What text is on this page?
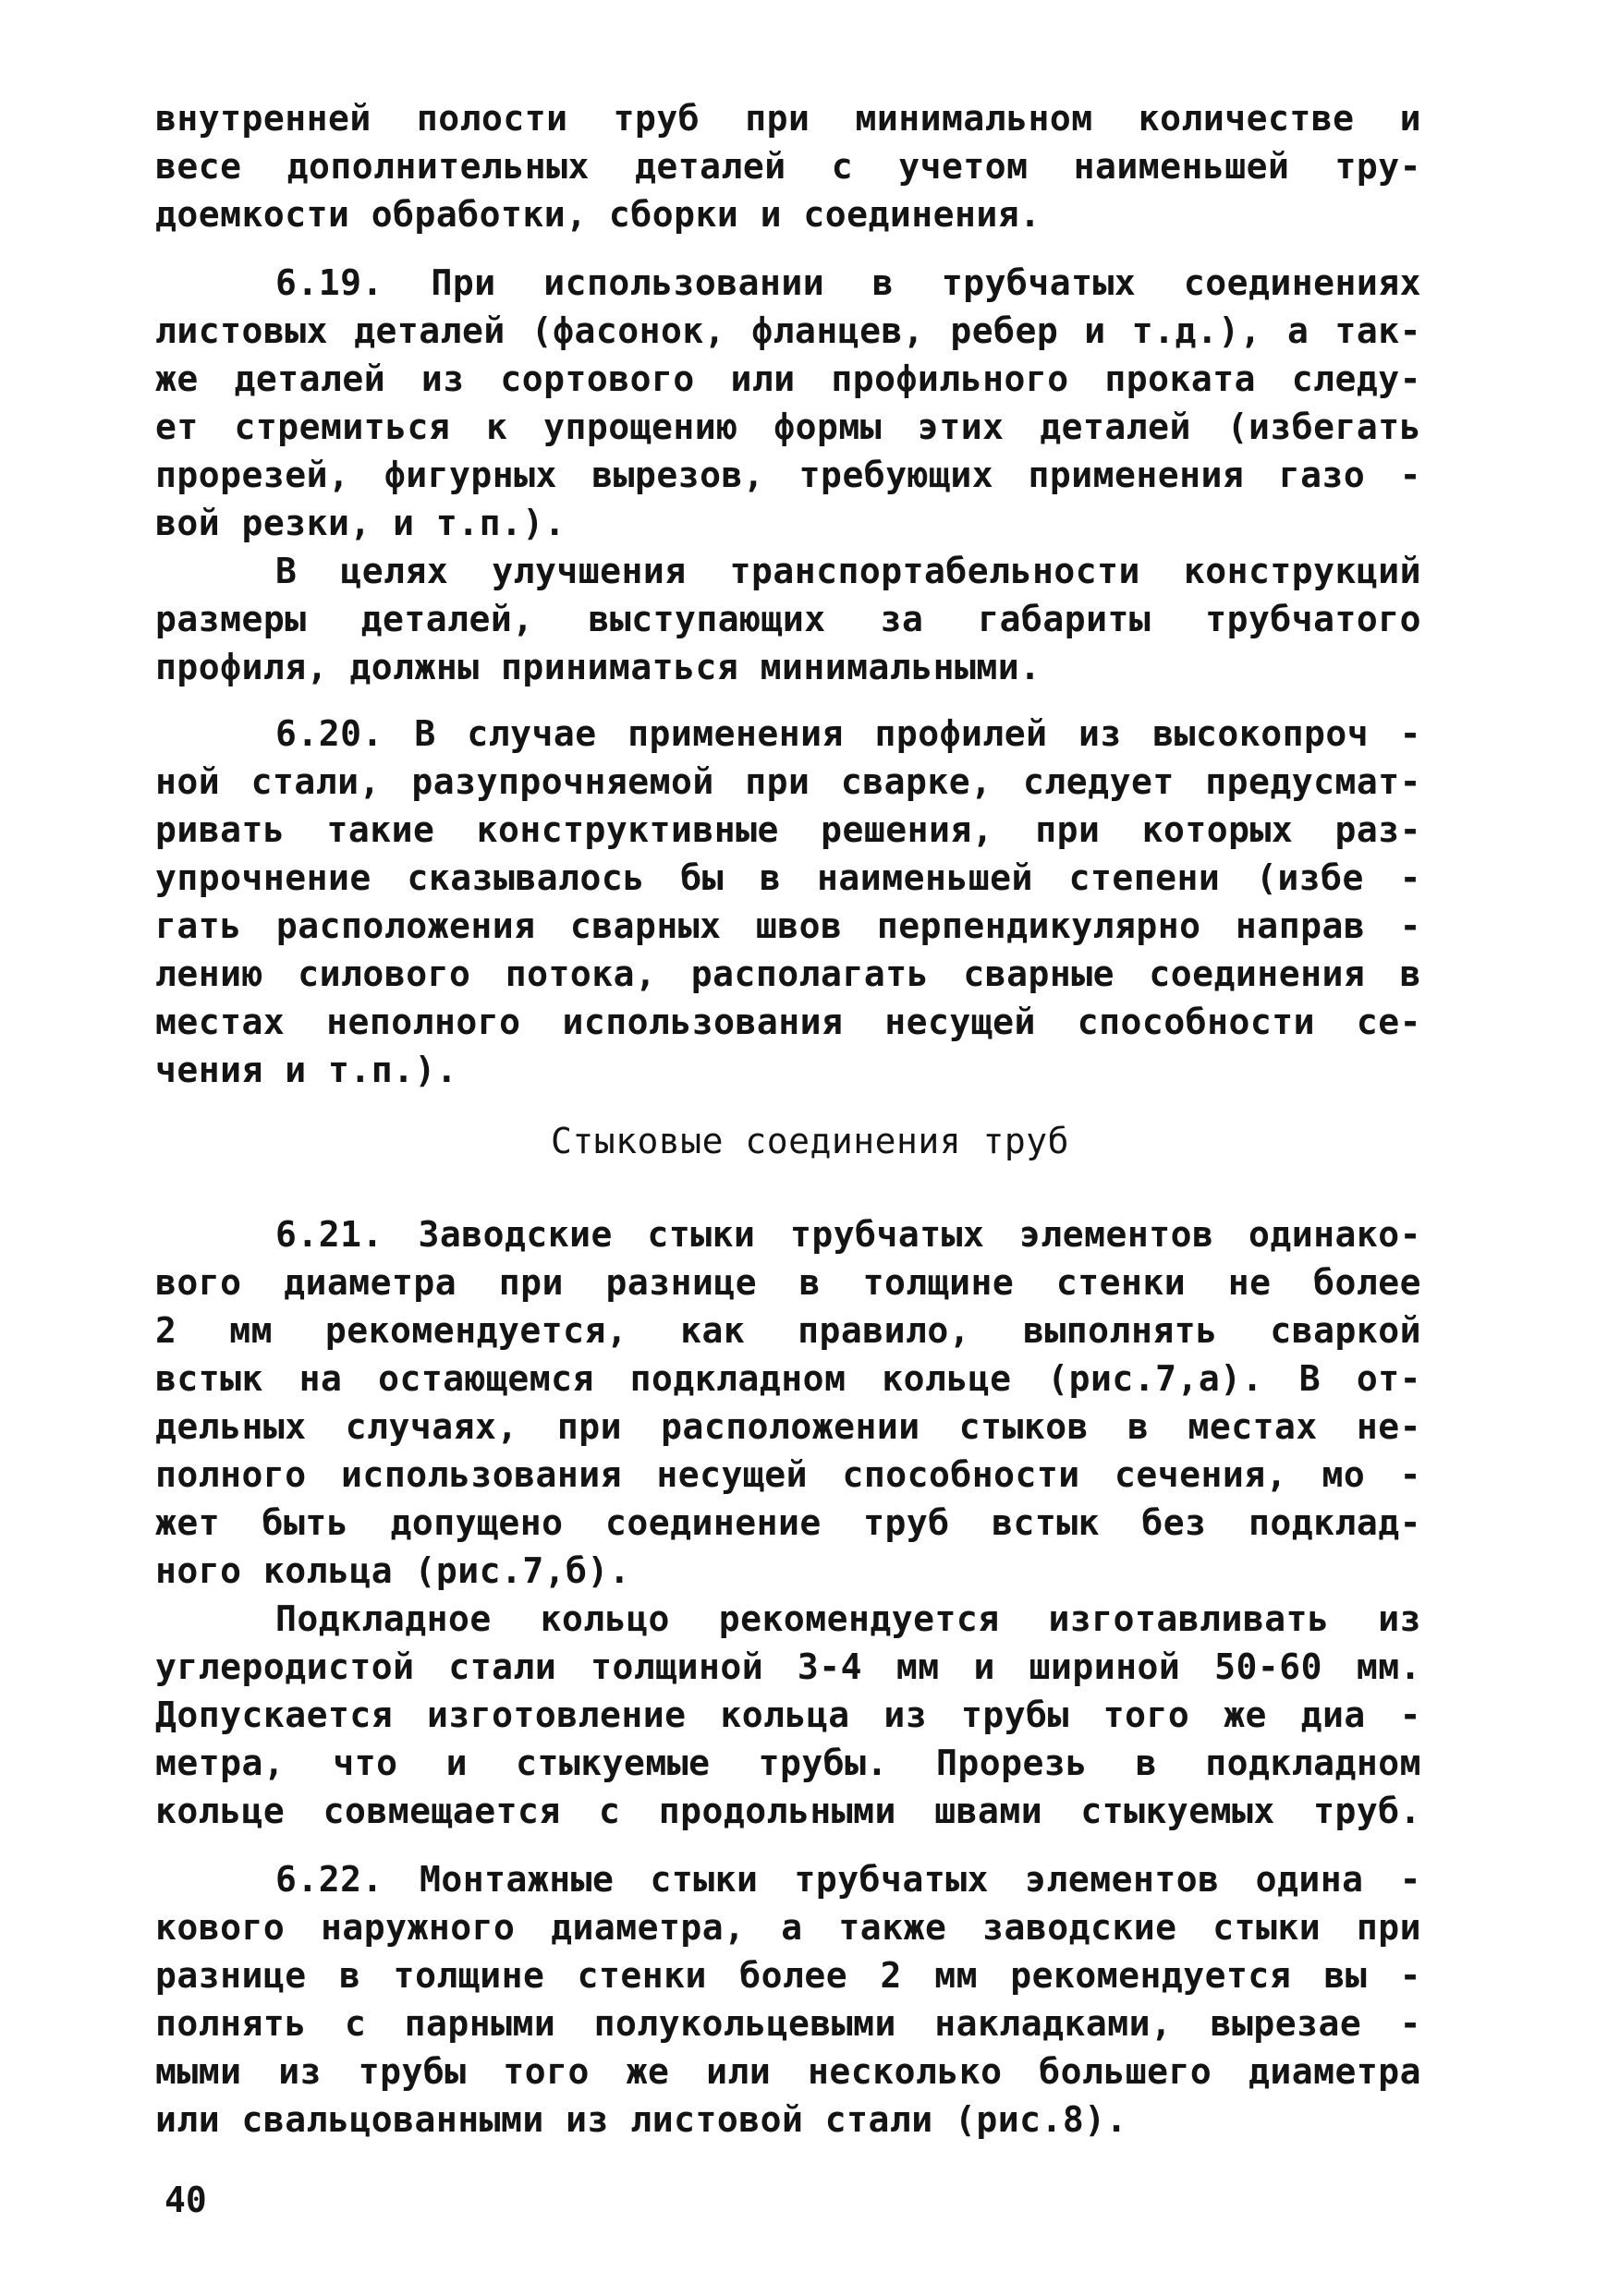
внутренней полости труб при минимальном количестве и
весе дополнительных деталей с учетом наименьшей тру-
доемкости обработки, сборки и соединения.
6.19. При использовании в трубчатых соединениях
листовых деталей (фасонок, фланцев, ребер и т.д.), а так-
же деталей из сортового или профильного проката следу-
ет стремиться к упрощению формы этих деталей (избегать
прорезей, фигурных вырезов, требующих применения газо -
вой резки, и т.п.).
В целях улучшения транспортабельности конструкций
размеры деталей, выступающих за габариты трубчатого
профиля, должны приниматься минимальными.
6.20. В случае применения профилей из высокопроч -
ной стали, разупрочняемой при сварке, следует предусмат-
ривать такие конструктивные решения, при которых раз-
упрочнение сказывалось бы в наименьшей степени (избе -
гать расположения сварных швов перпендикулярно направ -
лению силового потока, располагать сварные соединения в
местах неполного использования несущей способности се-
чения и т.п.).
Стыковые соединения труб
6.21. Заводские стыки трубчатых элементов одинако-
вого диаметра при разнице в толщине стенки не более
2 мм рекомендуется, как правило, выполнять сваркой
встык на остающемся подкладном кольце (рис.7,а). В от-
дельных случаях, при расположении стыков в местах не-
полного использования несущей способности сечения, мо -
жет быть допущено соединение труб встык без подклад-
ного кольца (рис.7,б).
Подкладное кольцо рекомендуется изготавливать из
углеродистой стали толщиной 3-4 мм и шириной 50-60 мм.
Допускается изготовление кольца из трубы того же диа -
метра, что и стыкуемые трубы. Прорезь в подкладном
кольце совмещается с продольными швами стыкуемых труб.
6.22. Монтажные стыки трубчатых элементов одина -
кового наружного диаметра, а также заводские стыки при
разнице в толщине стенки более 2 мм рекомендуется вы -
полнять с парными полукольцевыми накладками, вырезае -
мыми из трубы того же или несколько большего диаметра
или свальцованными из листовой стали (рис.8).
40
